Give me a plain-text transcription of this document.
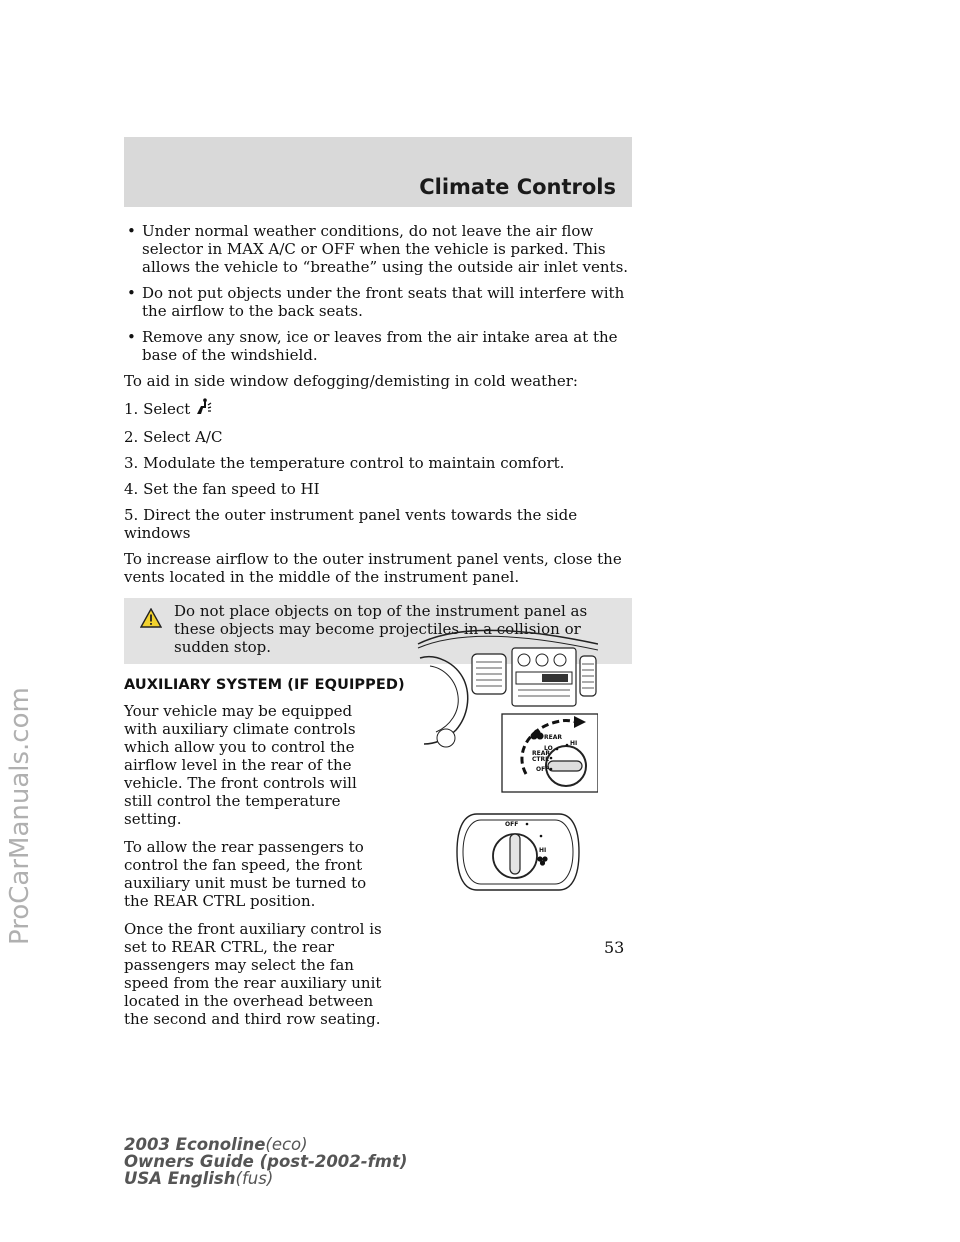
Climate Controls
ProCarManuals.com
• Under normal weather conditions, do not leave the air flow selector in MAX A/C or OFF when the vehicle is parked. This allows the vehicle to “breathe” using the outside air inlet vents.
• Do not put objects under the front seats that will interfere with the airflow to the back seats.
• Remove any snow, ice or leaves from the air intake area at the base of the windshield.

To aid in side window defogging/demisting in cold weather:

1. Select

2. Select A/C

3. Modulate the temperature control to maintain comfort.

4. Set the fan speed to HI

5. Direct the outer instrument panel vents towards the side windows

To increase airflow to the outer instrument panel vents, close the vents located in the middle of the instrument panel.

Do not place objects on top of the instrument panel as these objects may become projectiles in a collision or sudden stop.
AUXILIARY SYSTEM (IF EQUIPPED)

Your vehicle may be equipped with auxiliary climate controls which allow you to control the airflow level in the rear of the vehicle. The front controls will still control the temperature setting.

To allow the rear passengers to control the fan speed, the front auxiliary unit must be turned to the REAR CTRL position.

Once the front auxiliary control is set to REAR CTRL, the rear passengers may select the fan speed from the rear auxiliary unit located in the overhead between the second and third row seating.

REAR
LO
HI
REAR
CTRL
OFF
OFF
HI
53
2003 Econoline(eco)
Owners Guide (post-2002-fmt)
USA English(fus)
